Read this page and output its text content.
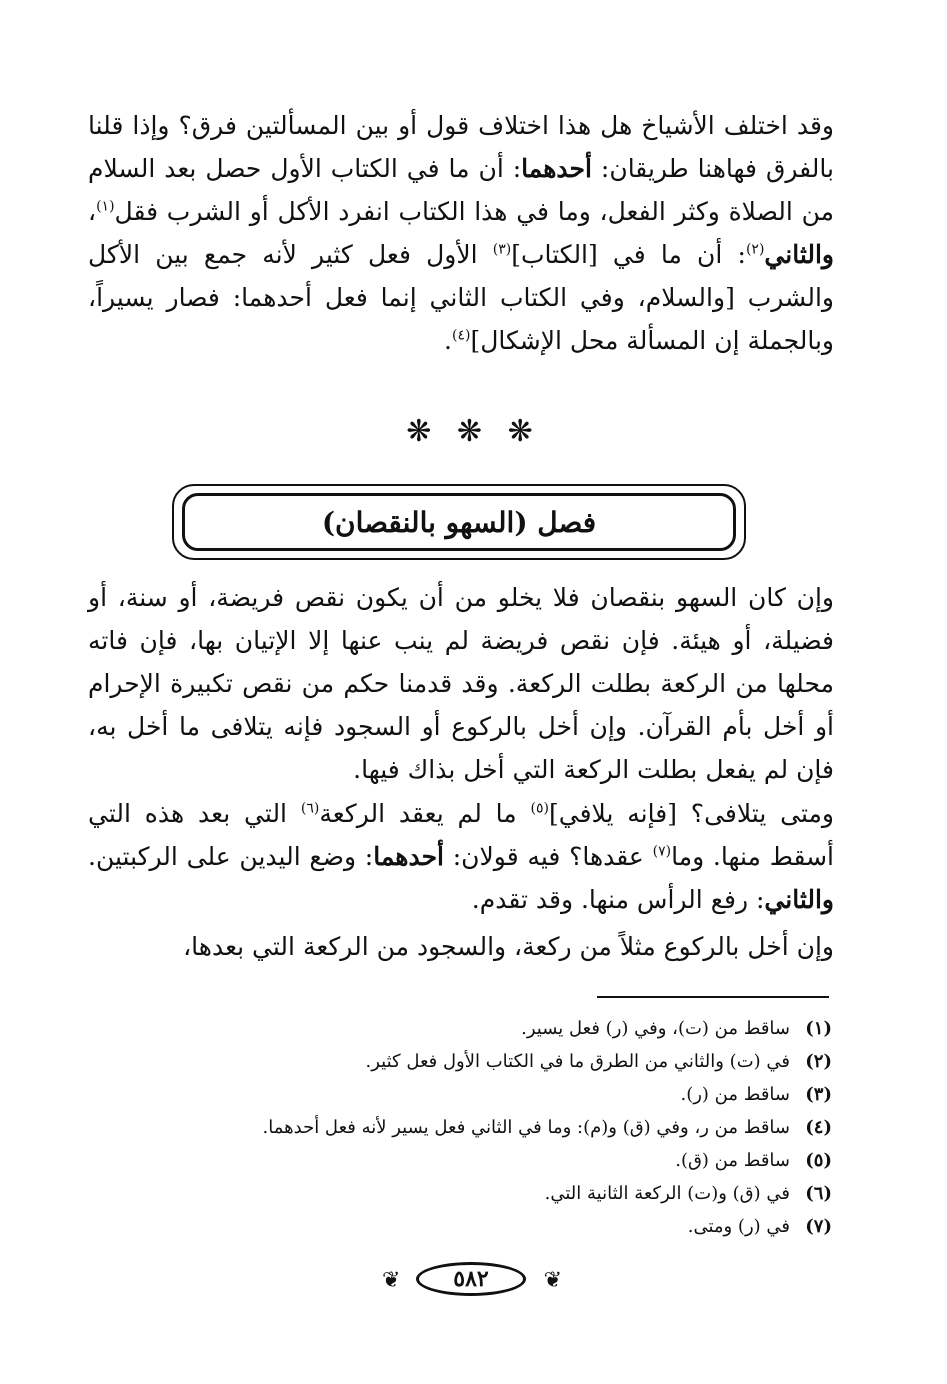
وقد اختلف الأشياخ هل هذا اختلاف قول أو بين المسألتين فرق؟ وإذا قلنا بالفرق فهاهنا طريقان: أحدهما: أن ما في الكتاب الأول حصل بعد السلام من الصلاة وكثر الفعل، وما في هذا الكتاب انفرد الأكل أو الشرب فقل$^{(١)}$، والثاني$^{(٢)}$: أن ما في [الكتاب]$^{(٣)}$ الأول فعل كثير لأنه جمع بين الأكل والشرب [والسلام، وفي الكتاب الثاني إنما فعل أحدهما: فصار يسيراً، وبالجملة إن المسألة محل الإشكال]$^{(٤)}$.

❋ ❋ ❋
فصل (السهو بالنقصان)

وإن كان السهو بنقصان فلا يخلو من أن يكون نقص فريضة، أو سنة، أو فضيلة، أو هيئة. فإن نقص فريضة لم ينب عنها إلا الإتيان بها، فإن فاته محلها من الركعة بطلت الركعة. وقد قدمنا حكم من نقص تكبيرة الإحرام أو أخل بأم القرآن. وإن أخل بالركوع أو السجود فإنه يتلافى ما أخل به، فإن لم يفعل بطلت الركعة التي أخل بذاك فيها.

ومتى يتلافى؟ [فإنه يلافي]$^{(٥)}$ ما لم يعقد الركعة$^{(٦)}$ التي بعد هذه التي أسقط منها. وما$^{(٧)}$ عقدها؟ فيه قولان: أحدهما: وضع اليدين على الركبتين. والثاني: رفع الرأس منها. وقد تقدم.

وإن أخل بالركوع مثلاً من ركعة، والسجود من الركعة التي بعدها،

(١)ساقط من (ت)، وفي (ر) فعل يسير.
(٢)في (ت) والثاني من الطرق ما في الكتاب الأول فعل كثير.
(٣)ساقط من (ر).
(٤)ساقط من ر، وفي (ق) و(م): وما في الثاني فعل يسير لأنه فعل أحدهما.
(٥)ساقط من (ق).
(٦)في (ق) و(ت) الركعة الثانية التي.
(٧)في (ر) ومتى.
❦	٥٨٢	❦
